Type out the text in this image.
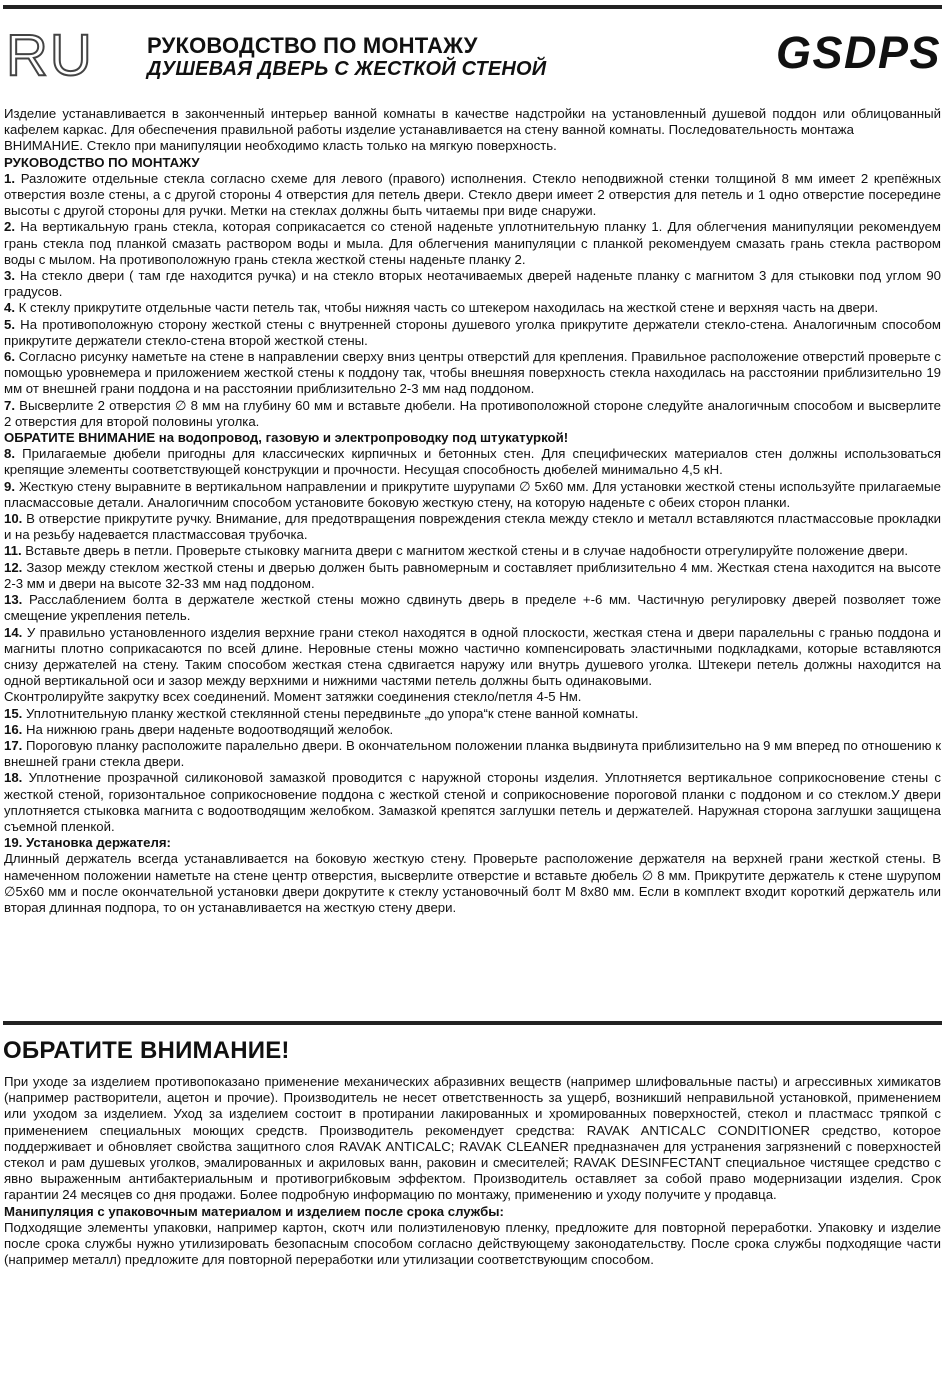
RU РУКОВОДСТВО ПО МОНТАЖУ
ДУШЕВАЯ ДВЕРЬ С ЖЕСТКОЙ СТЕНОЙ	GSDPS

Изделие устанавливается в законченный интерьер ванной комнаты в качестве надстройки на установленный душевой поддон или облицованный кафелем каркас. Для обеспечения правильной работы изделие устанавливается на стену ванной комнаты. Последовательность монтажа

ВНИМАНИЕ. Стекло при манипуляции необходимо класть только на мягкую поверхность.

РУКОВОДСТВО ПО МОНТАЖУ

1. Разложите отдельные стекла согласно схеме для левого (правого) исполнения. Стекло неподвижной стенки толщиной 8 мм имеет 2 крепёжных отверстия возле стены, а с другой стороны 4 отверстия для петель двери. Стекло двери имеет 2 отверстия для петель и 1 одно отверстие посередине высоты с другой стороны для ручки. Метки на стеклах должны быть читаемы при виде снаружи.

2. На вертикальную грань стекла, которая соприкасается со стеной наденьте уплотнительную планку 1. Для облегчения манипуляции рекомендуем грань стекла под планкой смазать раствором воды и мыла. Для облегчения манипуляции с планкой рекомендуем смазать грань стекла раствором воды с мылом. На противоположную грань стекла жесткой стены наденьте планку 2.

3. На стекло двери ( там где находится ручка) и на стекло вторых неотачиваемых дверей наденьте планку с магнитом 3 для стыковки под углом 90 градусов.

4. К стеклу прикрутите отдельные части петель так, чтобы нижняя часть со штекером находилась на жесткой стене и верхняя часть на двери.

5. На противоположную сторону жесткой стены с внутренней стороны душевого уголка прикрутите держатели стекло-стена. Аналогичным способом прикрутите держатели стекло-стена второй жесткой стены.

6. Согласно рисунку наметьте на стене в направлении сверху вниз центры отверстий для крепления. Правильное расположение отверстий проверьте с помощью уровнемера и приложением жесткой стены к поддону так, чтобы внешняя поверхность стекла находилась на расстоянии приблизительно 19 мм от внешней грани поддона и на расстоянии приблизительно 2-3 мм над поддоном.

7. Высверлите 2 отверстия ∅ 8 мм на глубину 60 мм и вставьте дюбели. На противоположной стороне следуйте аналогичным способом и высверлите 2 отверстия для второй половины уголка.

ОБРАТИТЕ ВНИМАНИЕ на водопровод, газовую и электропроводку под штукатуркой!

8. Прилагаемые дюбели пригодны для классических кирпичных и бетонных стен. Для специфических материалов стен должны использоваться крепящие элементы соответствующей конструкции и прочности. Несущая способность дюбелей минимально 4,5 кН.

9. Жесткую стену выравните в вертикальном направлении и прикрутите шурупами ∅ 5x60 мм. Для установки жесткой стены используйте прилагаемые пласмассовые детали. Аналогичним способом установите боковую жесткую стену, на которую наденьте с обеих сторон планки.

10. В отверстие прикрутите ручку. Внимание, для предотвращения повреждения стекла между стекло и металл вставляются пластмассовые прокладки и на резьбу надевается пластмассовая трубочка.

11. Вставьте дверь в петли. Проверьте стыковку магнита двери с магнитом жесткой стены и в случае надобности отрегулируйте положение двери.

12. Зазор между стеклом жесткой стены и дверью должен быть равномерным и составляет приблизительно 4 мм. Жесткая стена находится на высоте 2-3 мм и двери на высоте 32-33 мм над поддоном.

13. Расслаблением болта в держателе жесткой стены можно сдвинуть дверь в пределе +-6 мм. Частичную регулировку дверей позволяет тоже смещение укрепления петель.

14. У правильно установленного изделия верхние грани стекол находятся в одной плоскости, жесткая стена и двери паралельны с гранью поддона и магниты плотно соприкасаются по всей длине. Неровные стены можно частично компенсировать эластичными подкладками, которые вставляются снизу держателей на стену. Таким способом жесткая стена сдвигается наружу или внутрь душевого уголка. Штекери петель должны находится на одной вертикальной оси и зазор между верхними и нижними частями петель должны быть одинаковыми.

Сконтролируйте закрутку всех соединений. Момент затяжки соединения стекло/петля 4-5 Нм.

15. Уплотнительную планку жесткой стеклянной стены передвиньте „до упора“к стене ванной комнаты.

16. На нижнюю грань двери наденьте водоотводящий желобок.

17. Пороговую планку расположите паралельно двери. В окончательном положении планка выдвинута приблизительно на 9 мм вперед по отношению к внешней грани стекла двери.

18. Уплотнение прозрачной силиконовой замазкой проводится с наружной стороны изделия. Уплотняется вертикальное соприкосновение стены с жесткой стеной, горизонтальное соприкосновение поддона с жесткой стеной и соприкосновение пороговой планки с поддоном и со стеклом.У двери уплотняется стыковка магнита с водоотводящим желобком. Замазкой крепятся заглушки петель и держателей. Наружная сторона заглушки защищена съемной пленкой.

19. Установка держателя:

Длинный держатель всегда устанавливается на боковую жесткую стену. Проверьте расположение держателя на верхней грани жесткой стены. В намеченном положении наметьте на стене центр отверстия, высверлите отверстие и вставьте дюбель ∅ 8 мм. Прикрутите держатель к стене шурупом ∅5x60 мм и после окончательной установки двери докрутите к стеклу установочный болт M 8x80 мм. Если в комплект входит короткий держатель или вторая длинная подпора, то он устанавливается на жесткую стену двери.

ОБРАТИТЕ ВНИМАНИЕ!

При уходе за изделием противопоказано применение механических абразивних веществ (например шлифовальные пасты) и агрессивных химикатов (например растворители, ацетон и прочие). Производитель не несет ответственность за ущерб, возникший неправильной установкой, применением или уходом за изделием. Уход за изделием состоит в протирании лакированных и хромированных поверхностей, стекол и пластмасс тряпкой с применением специальных моющих средств. Производитель рекомендует средства: RAVAK ANTICALC CONDITIONER средство, которое поддерживает и обновляет свойства защитного слоя RAVAK ANTICALC; RAVAK CLEANER предназначен для устранения загрязнений с поверхностей стекол и рам душевых уголков, эмалированных и акриловых ванн, раковин и смесителей; RAVAK DESINFECTANT специальное чистящее средство с явно выраженным антибактериальным и противогрибковым эффектом. Производитель оставляет за собой право модернизации изделия. Срок гарантии 24 месяцев со дня продажи. Более подробную информацию по монтажу, применению и уходу получите у продавца.

Манипуляция с упаковочным материалом и изделием после срока службы:

Подходящие элементы упаковки, например картон, скотч или полиэтиленовую пленку, предложите для повторной переработки. Упаковку и изделие после срока службы нужно утилизировать безопасным способом согласно действующему законодательству. После срока службы подходящие части (например металл) предложите для повторной переработки или утилизации соответствующим способом.
